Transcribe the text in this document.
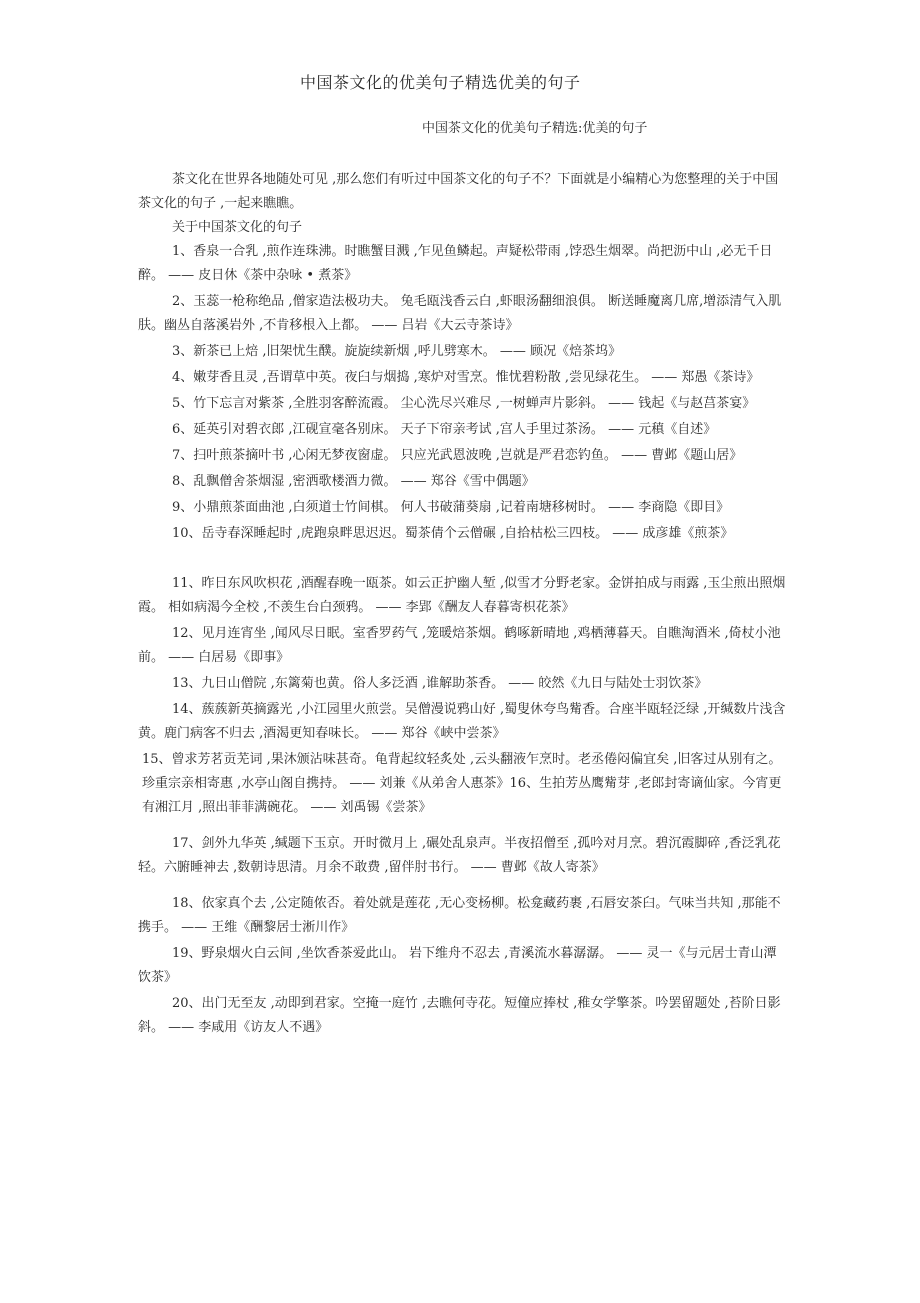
中国茶文化的优美句子精选优美的句子
中国茶文化的优美句子精选:优美的句子

茶文化在世界各地随处可见 ,那么您们有听过中国茶文化的句子不？下面就是小编精心为您整理的关于中国茶文化的句子 ,一起来瞧瞧。

关于中国茶文化的句子

1、香泉一合乳 ,煎作连珠沸。时瞧蟹目溅 ,乍见鱼鳞起。声疑松带雨 ,饽恐生烟翠。尚把沥中山 ,必无千日醉。 —— 皮日休《茶中杂咏 • 煮茶》

2、玉蕊一枪称绝品 ,僧家造法极功夫。 兔毛瓯浅香云白 ,虾眼汤翻细浪俱。 断送睡魔离几席,增添清气入肌肤。幽丛自落溪岩外 ,不肯移根入上都。 —— 吕岩《大云寺茶诗》

3、新茶已上焙 ,旧架忧生醭。旋旋续新烟 ,呼儿劈寒木。 —— 顾况《焙茶坞》

4、嫩芽香且灵 ,吾谓草中英。夜臼与烟捣 ,寒炉对雪烹。惟忧碧粉散 ,尝见绿花生。 —— 郑愚《茶诗》

5、竹下忘言对紫茶 ,全胜羽客醉流霞。 尘心洗尽兴难尽 ,一树蝉声片影斜。 —— 钱起《与赵莒茶宴》

6、延英引对碧衣郎 ,江砚宣毫各别床。 天子下帘亲考试 ,宫人手里过茶汤。 —— 元稹《自述》

7、扫叶煎茶摘叶书 ,心闲无梦夜窗虚。 只应光武恩波晚 ,岂就是严君恋钓鱼。 —— 曹邺《题山居》

8、乱飘僧舍茶烟湿 ,密洒歌楼酒力微。 —— 郑谷《雪中偶题》

9、小鼎煎茶面曲池 ,白须道士竹间棋。 何人书破蒲葵扇 ,记着南塘移树时。 —— 李商隐《即目》

10、岳寺春深睡起时 ,虎跑泉畔思迟迟。蜀茶倩个云僧碾 ,自拾枯松三四枝。 —— 成彦雄《煎茶》

11、昨日东风吹枳花 ,酒醒春晚一瓯茶。如云正护幽人堑 ,似雪才分野老家。金饼拍成与雨露 ,玉尘煎出照烟霞。 相如病渴今全校 ,不羡生台白颈鸦。 —— 李郢《酬友人春暮寄枳花茶》

12、见月连宵坐 ,闻风尽日眠。室香罗药气 ,笼暖焙茶烟。鹤啄新晴地 ,鸡栖薄暮天。自瞧淘酒米 ,倚杖小池前。 —— 白居易《即事》

13、九日山僧院 ,东篱菊也黄。俗人多泛酒 ,谁解助茶香。 —— 皎然《九日与陆处士羽饮茶》

14、蔟蔟新英摘露光 ,小江园里火煎尝。吴僧漫说鸦山好 ,蜀叟休夸鸟觜香。合座半瓯轻泛绿 ,开缄数片浅含黄。鹿门病客不归去 ,酒渴更知春味长。 —— 郑谷《峡中尝茶》

15、曾求芳茗贡芜词 ,果沐颁沾味甚奇。龟背起纹轻炙处 ,云头翻液乍烹时。老丞倦闷偏宜矣 ,旧客过从别有之。珍重宗亲相寄惠 ,水亭山阁自携持。 —— 刘兼《从弟舍人惠茶》16、生拍芳丛鹰觜芽 ,老郎封寄谪仙家。今宵更有湘江月 ,照出菲菲满碗花。 —— 刘禹锡《尝茶》

17、剑外九华英 ,缄题下玉京。开时微月上 ,碾处乱泉声。半夜招僧至 ,孤吟对月烹。碧沉霞脚碎 ,香泛乳花轻。六腑睡神去 ,数朝诗思清。月余不敢费 ,留伴肘书行。 —— 曹邺《故人寄茶》

18、依家真个去 ,公定随侬否。着处就是莲花 ,无心变杨柳。松龛藏药裹 ,石唇安茶臼。气味当共知 ,那能不携手。 —— 王维《酬黎居士淅川作》

19、野泉烟火白云间 ,坐饮香茶爱此山。 岩下维舟不忍去 ,青溪流水暮潺潺。 —— 灵一《与元居士青山潭饮茶》

20、出门无至友 ,动即到君家。空掩一庭竹 ,去瞧何寺花。短僮应捧杖 ,稚女学擎茶。吟罢留题处 ,苔阶日影斜。 —— 李咸用《访友人不遇》
